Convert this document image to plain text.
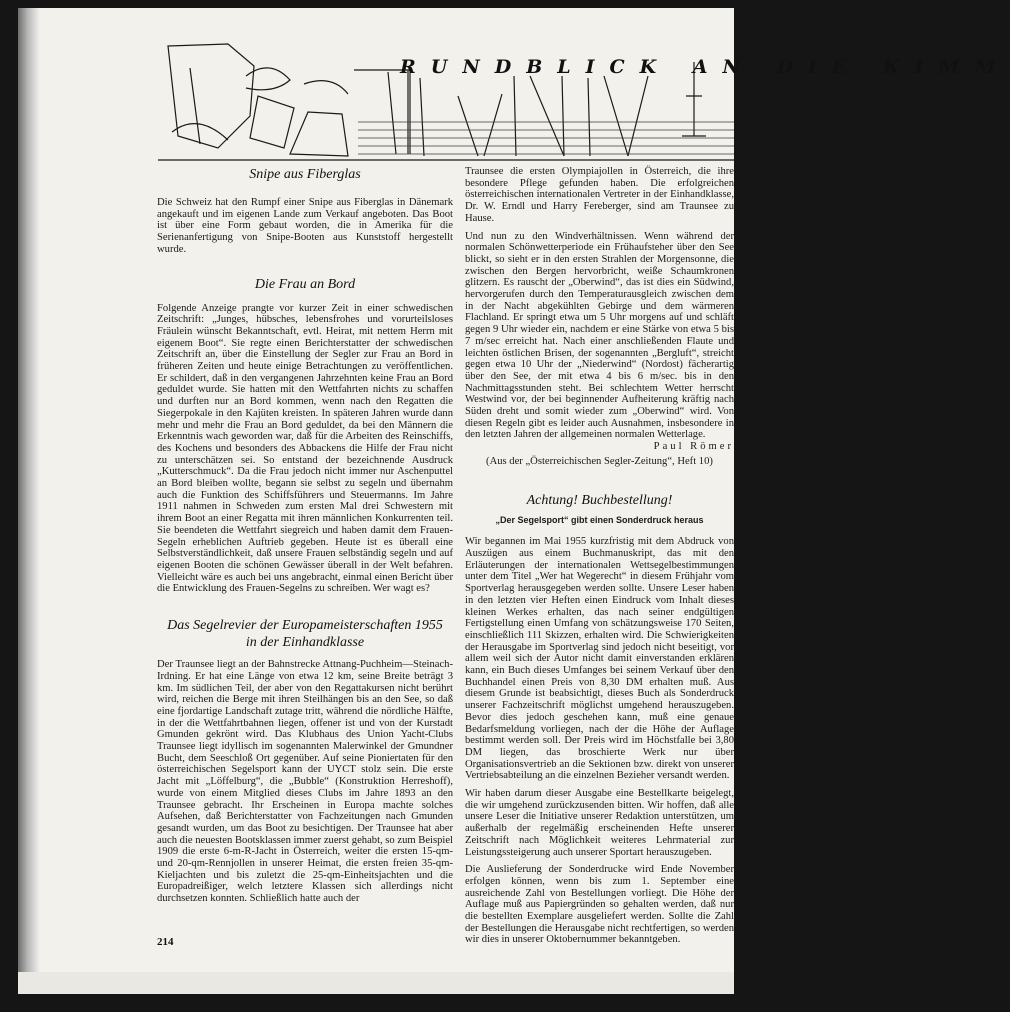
RUNDBLICK AN DIE KIMM
Snipe aus Fiberglas

Die Schweiz hat den Rumpf einer Snipe aus Fiberglas in Dänemark angekauft und im eigenen Lande zum Verkauf angeboten. Das Boot ist über eine Form gebaut worden, die in Amerika für die Serienanfertigung von Snipe-Booten aus Kunststoff hergestellt wurde.

Die Frau an Bord

Folgende Anzeige prangte vor kurzer Zeit in einer schwedischen Zeitschrift: „Junges, hübsches, lebensfrohes und vorurteilsloses Fräulein wünscht Bekanntschaft, evtl. Heirat, mit nettem Herrn mit eigenem Boot“. Sie regte einen Berichterstatter der schwedischen Zeitschrift an, über die Einstellung der Segler zur Frau an Bord in früheren Zeiten und heute einige Betrachtungen zu veröffentlichen. Er schildert, daß in den vergangenen Jahrzehnten keine Frau an Bord geduldet wurde. Sie hatten mit den Wettfahrten nichts zu schaffen und durften nur an Bord kommen, wenn nach den Regatten die Siegerpokale in den Kajüten kreisten. In späteren Jahren wurde dann mehr und mehr die Frau an Bord geduldet, da bei den Männern die Erkenntnis wach geworden war, daß für die Arbeiten des Reinschiffs, des Kochens und besonders des Abbackens die Hilfe der Frau nicht zu unterschätzen sei. So entstand der bezeichnende Ausdruck „Kutterschmuck“. Da die Frau jedoch nicht immer nur Aschenputtel an Bord bleiben wollte, begann sie selbst zu segeln und übernahm auch die Funktion des Schiffsführers und Steuermanns. Im Jahre 1911 nahmen in Schweden zum ersten Mal drei Schwestern mit ihrem Boot an einer Regatta mit ihren männlichen Konkurrenten teil. Sie beendeten die Wettfahrt siegreich und haben damit dem Frauen-Segeln erheblichen Auftrieb gegeben. Heute ist es überall eine Selbstverständlichkeit, daß unsere Frauen selbständig segeln und auf eigenen Booten die schönen Gewässer überall in der Welt befahren. Vielleicht wäre es auch bei uns angebracht, einmal einen Bericht über die Entwicklung des Frauen-Segelns zu schreiben. Wer wagt es?

Das Segelrevier der Europameisterschaften 1955
in der Einhandklasse

Der Traunsee liegt an der Bahnstrecke Attnang-Puchheim—Steinach-Irdning. Er hat eine Länge von etwa 12 km, seine Breite beträgt 3 km. Im südlichen Teil, der aber von den Regattakursen nicht berührt wird, reichen die Berge mit ihren Steilhängen bis an den See, so daß eine fjordartige Landschaft zutage tritt, während die nördliche Hälfte, in der die Wettfahrtbahnen liegen, offener ist und von der Kurstadt Gmunden gekrönt wird. Das Klubhaus des Union Yacht-Clubs Traunsee liegt idyllisch im sogenannten Malerwinkel der Gmundner Bucht, dem Seeschloß Ort gegenüber. Auf seine Pioniertaten für den österreichischen Segelsport kann der UYCT stolz sein. Die erste Jacht mit „Löffelburg“, die „Bubble“ (Konstruktion Herreshoff), wurde von einem Mitglied dieses Clubs im Jahre 1893 an den Traunsee gebracht. Ihr Erscheinen in Europa machte solches Aufsehen, daß Berichterstatter von Fachzeitungen nach Gmunden gesandt wurden, um das Boot zu besichtigen. Der Traunsee hat aber auch die neuesten Bootsklassen immer zuerst gehabt, so zum Beispiel 1909 die erste 6-m-R-Jacht in Österreich, weiter die ersten 15-qm- und 20-qm-Rennjollen in unserer Heimat, die ersten freien 35-qm-Kieljachten und bis zuletzt die 25-qm-Einheitsjachten und die Europadreißiger, welch letztere Klassen sich allerdings nicht durchsetzen konnten. Schließlich hatte auch der

Traunsee die ersten Olympiajollen in Österreich, die ihre besondere Pflege gefunden haben. Die erfolgreichen österreichischen internationalen Vertreter in der Einhandklasse, Dr. W. Erndl und Harry Fereberger, sind am Traunsee zu Hause.

Und nun zu den Windverhältnissen. Wenn während der normalen Schönwetterperiode ein Frühaufsteher über den See blickt, so sieht er in den ersten Strahlen der Morgensonne, die zwischen den Bergen hervorbricht, weiße Schaumkronen glitzern. Es rauscht der „Oberwind“, das ist dies ein Südwind, hervorgerufen durch den Temperaturausgleich zwischen dem in der Nacht abgekühlten Gebirge und dem wärmeren Flachland. Er springt etwa um 5 Uhr morgens auf und schläft gegen 9 Uhr wieder ein, nachdem er eine Stärke von etwa 5 bis 7 m/sec erreicht hat. Nach einer anschließenden Flaute und leichten östlichen Brisen, der sogenannten „Bergluft“, streicht gegen etwa 10 Uhr der „Niederwind“ (Nordost) fächerartig über den See, der mit etwa 4 bis 6 m/sec. bis in den Nachmittagsstunden steht. Bei schlechtem Wetter herrscht Westwind vor, der bei beginnender Aufheiterung kräftig nach Süden dreht und somit wieder zum „Oberwind“ wird. Von diesen Regeln gibt es leider auch Ausnahmen, insbesondere in den letzten Jahren der allgemeinen normalen Wetterlage.

Paul Römer

(Aus der „Österreichischen Segler-Zeitung“, Heft 10)

Achtung! Buchbestellung!

„Der Segelsport“ gibt einen Sonderdruck heraus

Wir begannen im Mai 1955 kurzfristig mit dem Abdruck von Auszügen aus einem Buchmanuskript, das mit den Erläuterungen der internationalen Wettsegelbestimmungen unter dem Titel „Wer hat Wegerecht“ in diesem Frühjahr vom Sportverlag herausgegeben werden sollte. Unsere Leser haben in den letzten vier Heften einen Eindruck vom Inhalt dieses kleinen Werkes erhalten, das nach seiner endgültigen Fertigstellung einen Umfang von schätzungsweise 170 Seiten, einschließlich 111 Skizzen, erhalten wird. Die Schwierigkeiten der Herausgabe im Sportverlag sind jedoch nicht beseitigt, vor allem weil sich der Autor nicht damit einverstanden erklären kann, ein Buch dieses Umfanges bei seinem Verkauf über den Buchhandel einen Preis von 8,30 DM erhalten muß. Aus diesem Grunde ist beabsichtigt, dieses Buch als Sonderdruck unserer Fachzeitschrift möglichst umgehend herauszugeben. Bevor dies jedoch geschehen kann, muß eine genaue Bedarfsmeldung vorliegen, nach der die Höhe der Auflage bestimmt werden soll. Der Preis wird im Höchstfalle bei 3,80 DM liegen, das broschierte Werk nur über Organisationsvertrieb an die Sektionen bzw. direkt von unserer Vertriebsabteilung an die einzelnen Bezieher versandt werden.

Wir haben darum dieser Ausgabe eine Bestellkarte beigelegt, die wir umgehend zurückzusenden bitten. Wir hoffen, daß alle unsere Leser die Initiative unserer Redaktion unterstützen, um außerhalb der regelmäßig erscheinenden Hefte unserer Zeitschrift nach Möglichkeit weiteres Lehrmaterial zur Leistungssteigerung auch unserer Sportart herauszugeben.

Die Auslieferung der Sonderdrucke wird Ende November erfolgen können, wenn bis zum 1. September eine ausreichende Zahl von Bestellungen vorliegt. Die Höhe der Auflage muß aus Papiergründen so gehalten werden, daß nur die bestellten Exemplare ausgeliefert werden. Sollte die Zahl der Bestellungen die Herausgabe nicht rechtfertigen, so werden wir dies in unserer Oktobernummer bekanntgeben.

214
